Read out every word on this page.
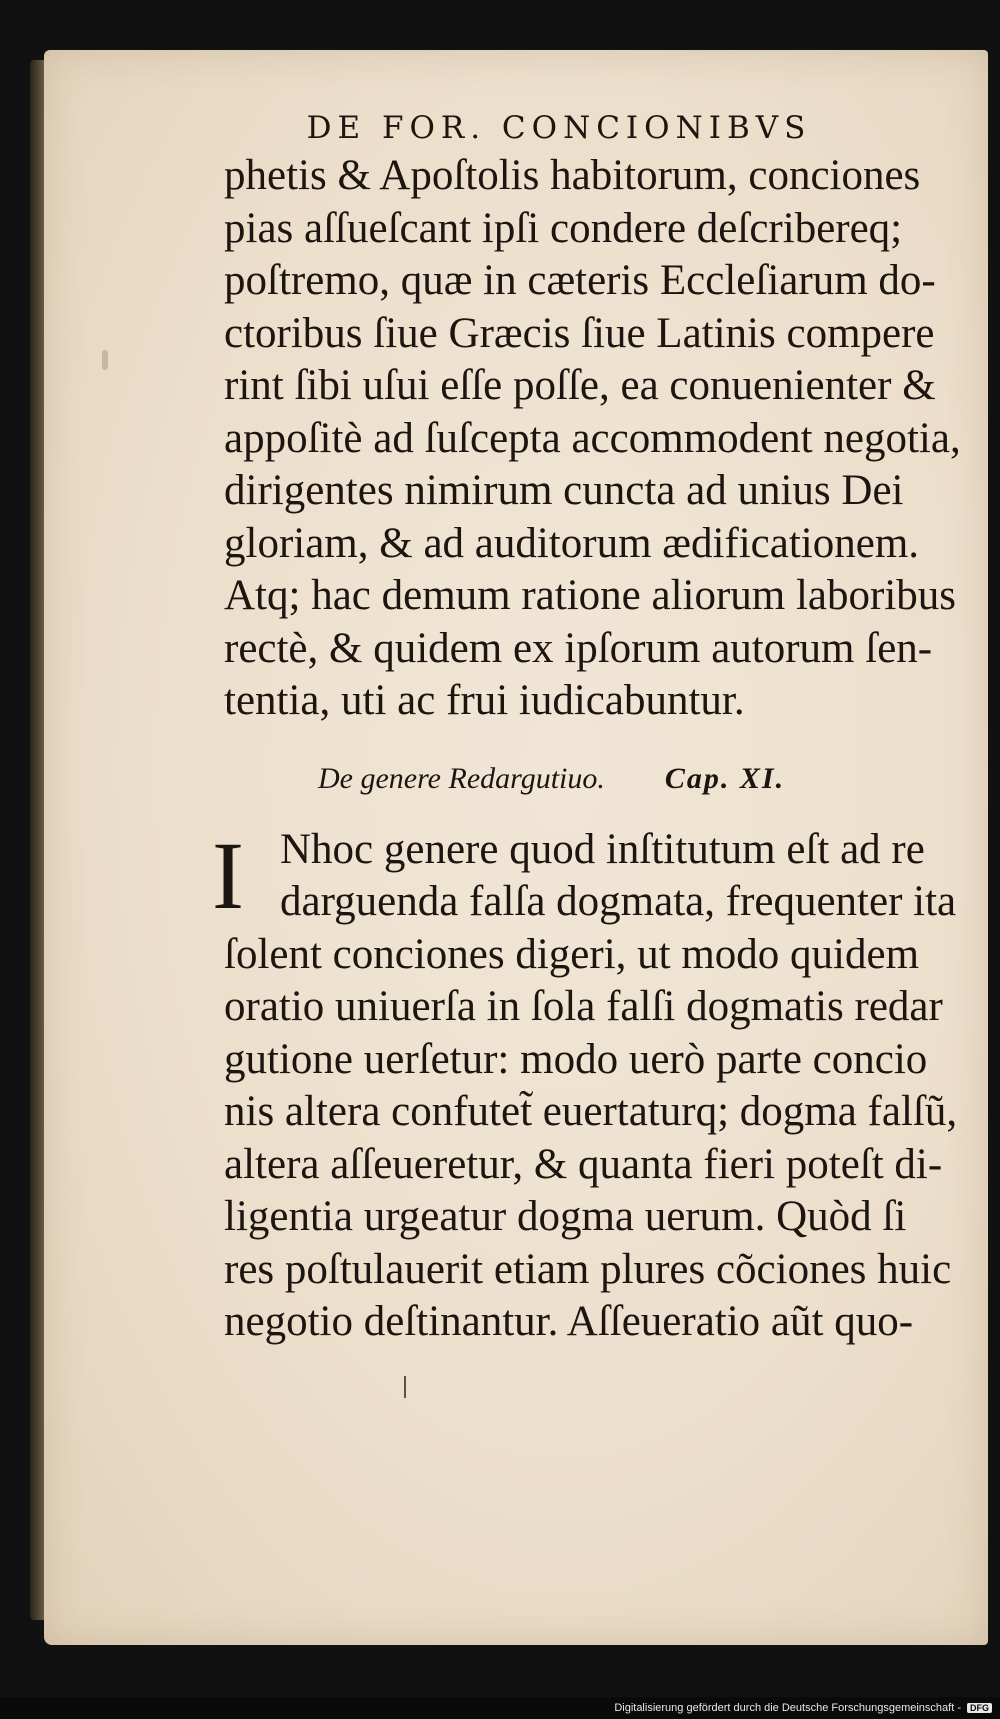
DE FOR. CONCIONIBVS
phetis & Apoſtolis habitorum, conciones
pias aſſueſcant ipſi condere deſcribereq;
poſtremo, quæ in cæteris Eccleſiarum do-
ctoribus ſiue Græcis ſiue Latinis compere
rint ſibi uſui eſſe poſſe, ea conuenienter &
appoſitè ad ſuſcepta accommodent negotia,
dirigentes nimirum cuncta ad unius Dei
gloriam, & ad auditorum ædificationem.
Atq; hac demum ratione aliorum laboribus
rectè, & quidem ex ipſorum autorum ſen-
tentia, uti ac frui iudicabuntur.
De genere Redargutiuo. Cap. XI.
I Nhoc genere quod inſtitutum eſt ad re
darguenda falſa dogmata, frequenter ita
ſolent conciones digeri, ut modo quidem
oratio uniuerſa in ſola falſi dogmatis redar
gutione uerſetur: modo uerò parte concio
nis altera confutet̃ euertaturq; dogma falſũ,
altera aſſeueretur, & quanta fieri poteſt di-
ligentia urgeatur dogma uerum. Quòd ſi
res poſtulauerit etiam plures cõciones huic
negotio deſtinantur. Aſſeueratio aũt quo-
Digitalisierung gefördert durch die Deutsche Forschungsgemeinschaft -	DFG
